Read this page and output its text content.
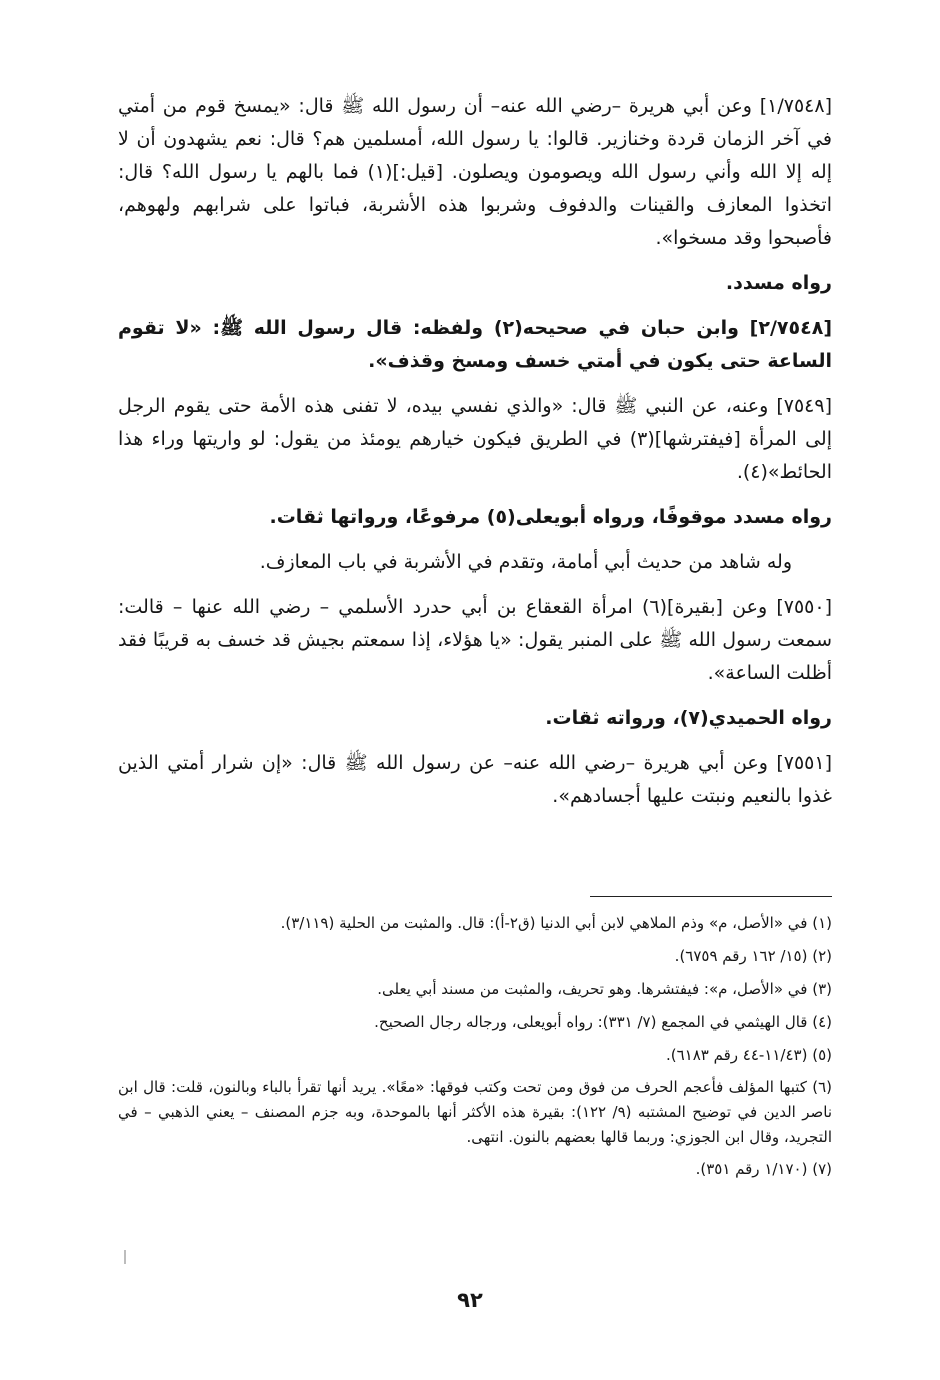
[١/٧٥٤٨] وعن أبي هريرة –رضي الله عنه– أن رسول الله ﷺ قال: «يمسخ قوم من أمتي في آخر الزمان قردة وخنازير. قالوا: يا رسول الله، أمسلمين هم؟ قال: نعم يشهدون أن لا إله إلا الله وأني رسول الله ويصومون ويصلون. [قيل:](١) فما بالهم يا رسول الله؟ قال: اتخذوا المعازف والقينات والدفوف وشربوا هذه الأشربة، فباتوا على شرابهم ولهوهم، فأصبحوا وقد مسخوا».

رواه مسدد.

[٢/٧٥٤٨] وابن حبان في صحيحه(٢) ولفظه: قال رسول الله ﷺ: «لا تقوم الساعة حتى يكون في أمتي خسف ومسخ وقذف».

[٧٥٤٩] وعنه، عن النبي ﷺ قال: «والذي نفسي بيده، لا تفنى هذه الأمة حتى يقوم الرجل إلى المرأة [فيفترشها](٣) في الطريق فيكون خيارهم يومئذ من يقول: لو واريتها وراء هذا الحائط»(٤).

رواه مسدد موقوفًا، ورواه أبويعلى(٥) مرفوعًا، ورواتها ثقات.

وله شاهد من حديث أبي أمامة، وتقدم في الأشربة في باب المعازف.

[٧٥٥٠] وعن [بقيرة](٦) امرأة القعقاع بن أبي حدرد الأسلمي – رضي الله عنها – قالت: سمعت رسول الله ﷺ على المنبر يقول: «يا هؤلاء، إذا سمعتم بجيش قد خسف به قريبًا فقد أظلت الساعة».

رواه الحميدي(٧)، ورواته ثقات.

[٧٥٥١] وعن أبي هريرة –رضي الله عنه– عن رسول الله ﷺ قال: «إن شرار أمتي الذين غذوا بالنعيم ونبتت عليها أجسادهم».

(١) في «الأصل، م» وذم الملاهي لابن أبي الدنيا (ق٢-أ): قال. والمثبت من الحلية (٣/١١٩).

(٢) (١٥/ ١٦٢ رقم ٦٧٥٩).

(٣) في «الأصل، م»: فيفتشرها. وهو تحريف، والمثبت من مسند أبي يعلى.

(٤) قال الهيثمي في المجمع (٧/ ٣٣١): رواه أبويعلى، ورجاله رجال الصحيح.

(٥) (١١/٤٣-٤٤ رقم ٦١٨٣).

(٦) كتبها المؤلف فأعجم الحرف من فوق ومن تحت وكتب فوقها: «معًا». يريد أنها تقرأ بالباء وبالنون، قلت: قال ابن ناصر الدين في توضيح المشتبه (٩/ ١٢٢): بقيرة هذه الأكثر أنها بالموحدة، وبه جزم المصنف – يعني الذهبي – في التجريد، وقال ابن الجوزي: وربما قالها بعضهم بالنون. انتهى.

(٧) (١/١٧٠ رقم ٣٥١).

٩٢
